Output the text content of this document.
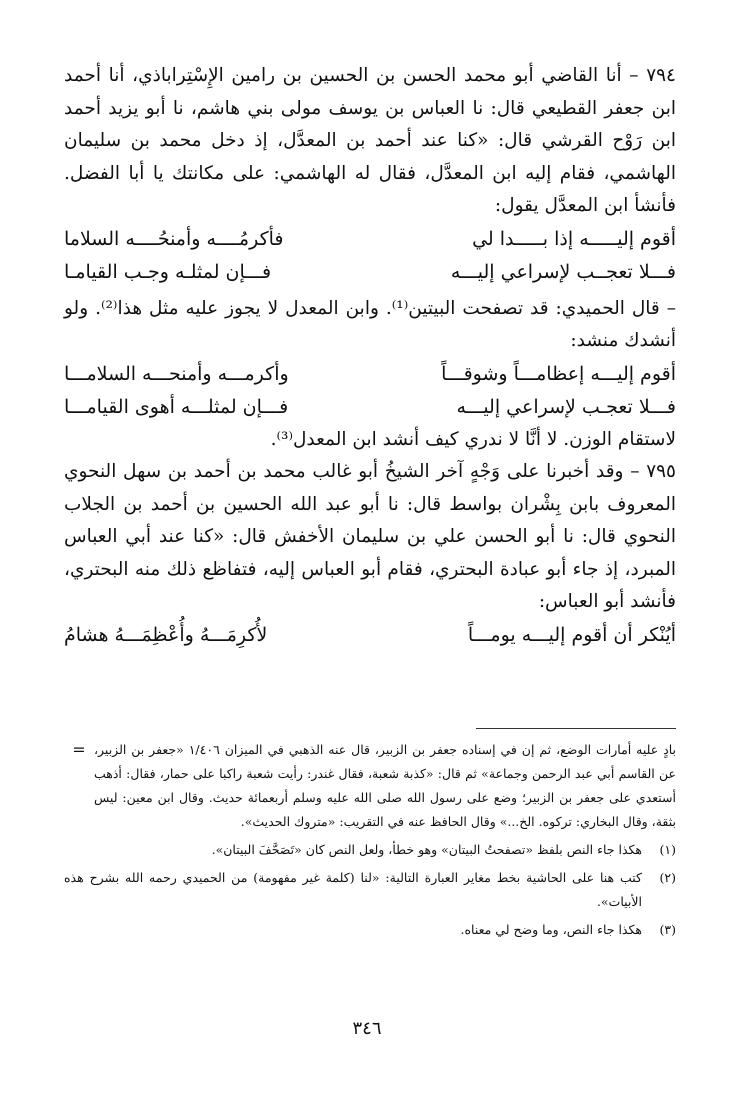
٧٩٤ – أنا القاضي أبو محمد الحسن بن الحسين بن رامين الإِسْتِراباذي، أنا أحمد ابن جعفر القطيعي قال: نا العباس بن يوسف مولى بني هاشم، نا أبو يزيد أحمد ابن رَوْح القرشي قال: «كنا عند أحمد بن المعدَّل، إذ دخل محمد بن سليمان الهاشمي، فقام إليه ابن المعدَّل، فقال له الهاشمي: على مكانتك يا أبا الفضل. فأنشأ ابن المعدَّل يقول:

أقوم إليـــــه إذا بـــــدا لي
فأكرمُــــه وأمنحُــــه السلاما
فـــلا تعجــب لإسراعي إليـــه
فـــإن لمثلـه وجـب القيامـا

– قال الحميدي: قد تصفحت البيتين⁽¹⁾. وابن المعدل لا يجوز عليه مثل هذا⁽²⁾. ولو أنشدك منشد:

أقوم إليـــه إعظامـــاً وشوقـــاً
وأكرمـــه وأمنحـــه السلامـــا
فـــلا تعجـب لإسراعي إليـــه
فـــإن لمثلـــه أهوى القيامـــا

لاستقام الوزن. لا أنَّا لا ندري كيف أنشد ابن المعدل⁽³⁾.

٧٩٥ – وقد أخبرنا على وَجْهٍ آخر الشيخُ أبو غالب محمد بن أحمد بن سهل النحوي المعروف بابن بِشْران بواسط قال: نا أبو عبد الله الحسين بن أحمد بن الجلاب النحوي قال: نا أبو الحسن علي بن سليمان الأخفش قال: «كنا عند أبي العباس المبرد، إذ جاء أبو عبادة البحتري، فقام أبو العباس إليه، فتفاظع ذلك منه البحتري، فأنشد أبو العباس:

أيُنْكر أن أقوم إليـــه يومـــاً
لأُكرِمَـــهُ وأُعْظِمَـــهُ هشامُ
بادٍ عليه أمارات الوضع، ثم إن في إسناده جعفر بن الزبير، قال عنه الذهبي في الميزان ١/٤٠٦ «جعفر بن الزبير، عن القاسم أبي عبد الرحمن وجماعة» ثم قال: «كذبة شعبة، فقال غندر: رأيت شعبة راكبا على حمار، فقال: أذهب أستعدي على جعفر بن الزبير؛ وضع على رسول الله صلى الله عليه وسلم أربعمائة حديث. وقال ابن معين: ليس بثقة، وقال البخاري: تركوه. الخ...» وقال الحافظ عنه في التقريب: «متروك الحديث».
=
(١)
هكذا جاء النص بلفظ «تصفحتُ البيتان» وهو خطأ، ولعل النص كان «تَصَحَّفَ البيتان».
(٢)
كتب هنا على الحاشية بخط مغاير العبارة التالية: «لنا (كلمة غير مفهومة) من الحميدي رحمه الله بشرح هذه الأبيات».
(٣)
هكذا جاء النص، وما وضح لي معناه.
٣٤٦
